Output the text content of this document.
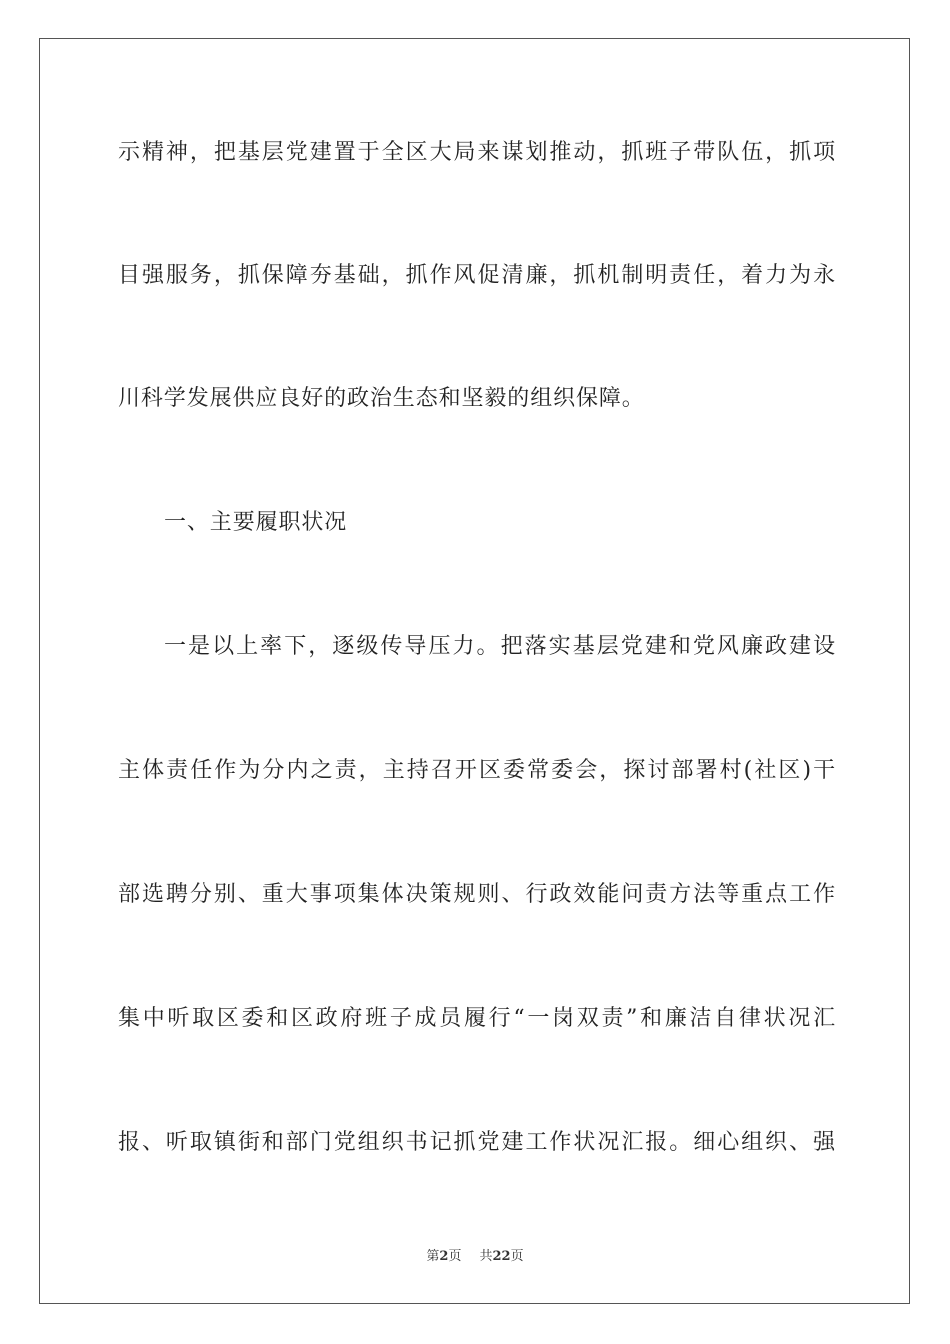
示精神，把基层党建置于全区大局来谋划推动，抓班子带队伍，抓项
目强服务，抓保障夯基础，抓作风促清廉，抓机制明责任，着力为永
川科学发展供应良好的政治生态和坚毅的组织保障。
一、主要履职状况
一是以上率下，逐级传导压力。把落实基层党建和党风廉政建设
主体责任作为分内之责，主持召开区委常委会，探讨部署村(社区)干
部选聘分别、重大事项集体决策规则、行政效能问责方法等重点工作
集中听取区委和区政府班子成员履行“一岗双责”和廉洁自律状况汇
报、听取镇街和部门党组织书记抓党建工作状况汇报。细心组织、强
第2页 共22页
